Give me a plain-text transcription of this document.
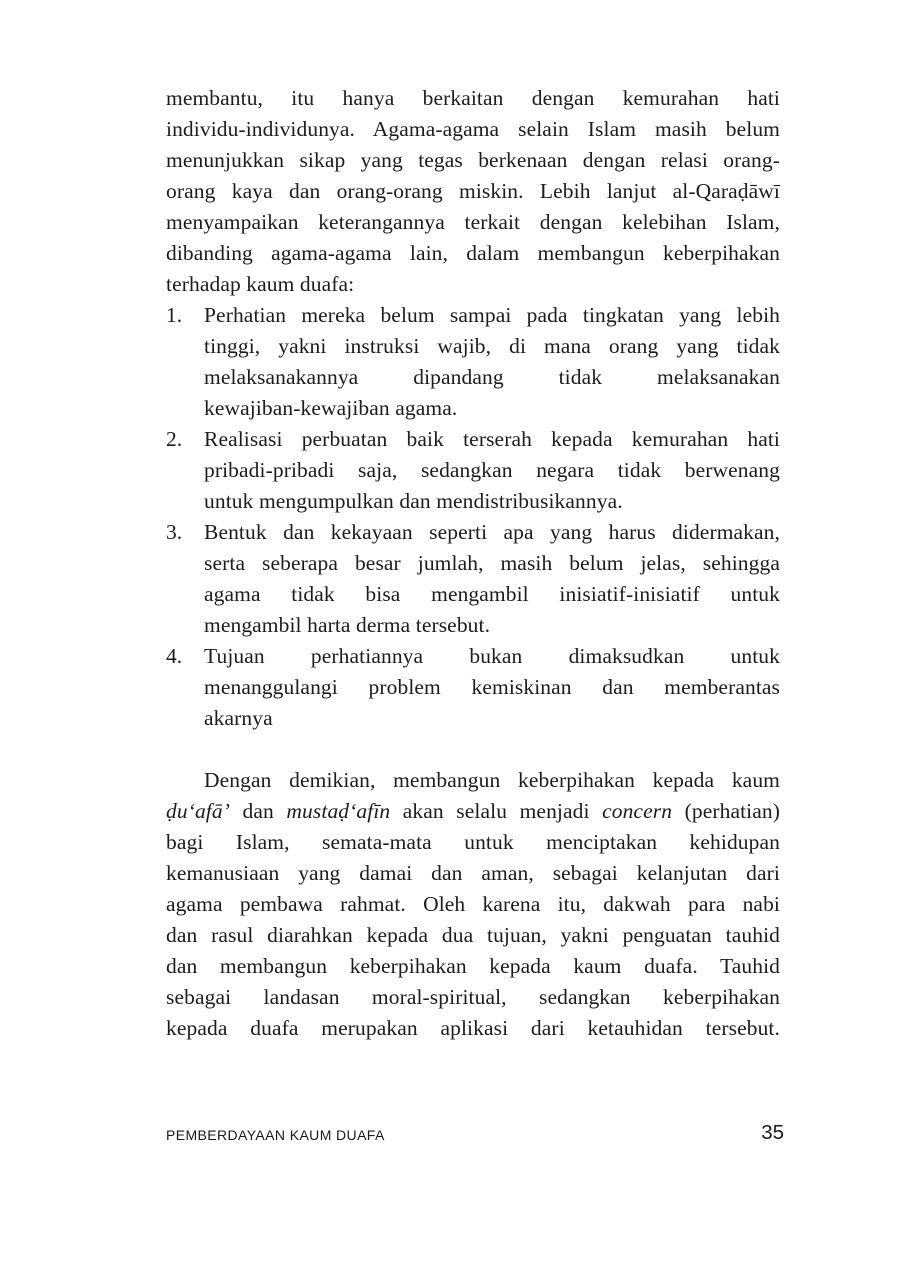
membantu, itu hanya berkaitan dengan kemurahan hati
individu-individunya. Agama-agama selain Islam masih belum
menunjukkan sikap yang tegas berkenaan dengan relasi orang-
orang kaya dan orang-orang miskin. Lebih lanjut al-Qaraḍāwī
menyampaikan keterangannya terkait dengan kelebihan Islam,
dibanding agama-agama lain, dalam membangun keberpihakan
terhadap kaum duafa:
1.	Perhatian mereka belum sampai pada tingkatan yang lebih
tinggi, yakni instruksi wajib, di mana orang yang tidak
melaksanakannya dipandang tidak melaksanakan
kewajiban-kewajiban agama.
2.	Realisasi perbuatan baik terserah kepada kemurahan hati
pribadi-pribadi saja, sedangkan negara tidak berwenang
untuk mengumpulkan dan mendistribusikannya.
3.	Bentuk dan kekayaan seperti apa yang harus didermakan,
serta seberapa besar jumlah, masih belum jelas, sehingga
agama tidak bisa mengambil inisiatif-inisiatif untuk
mengambil harta derma tersebut.
4.	Tujuan perhatiannya bukan dimaksudkan untuk
menanggulangi problem kemiskinan dan memberantas
akarnya
Dengan demikian, membangun keberpihakan kepada kaum
ḍu‘afā’ dan mustaḍ‘afīn akan selalu menjadi concern (perhatian)
bagi Islam, semata-mata untuk menciptakan kehidupan
kemanusiaan yang damai dan aman, sebagai kelanjutan dari
agama pembawa rahmat. Oleh karena itu, dakwah para nabi
dan rasul diarahkan kepada dua tujuan, yakni penguatan tauhid
dan membangun keberpihakan kepada kaum duafa. Tauhid
sebagai landasan moral-spiritual, sedangkan keberpihakan
kepada duafa merupakan aplikasi dari ketauhidan tersebut.
PEMBERDAYAAN KAUM DUAFA	35
